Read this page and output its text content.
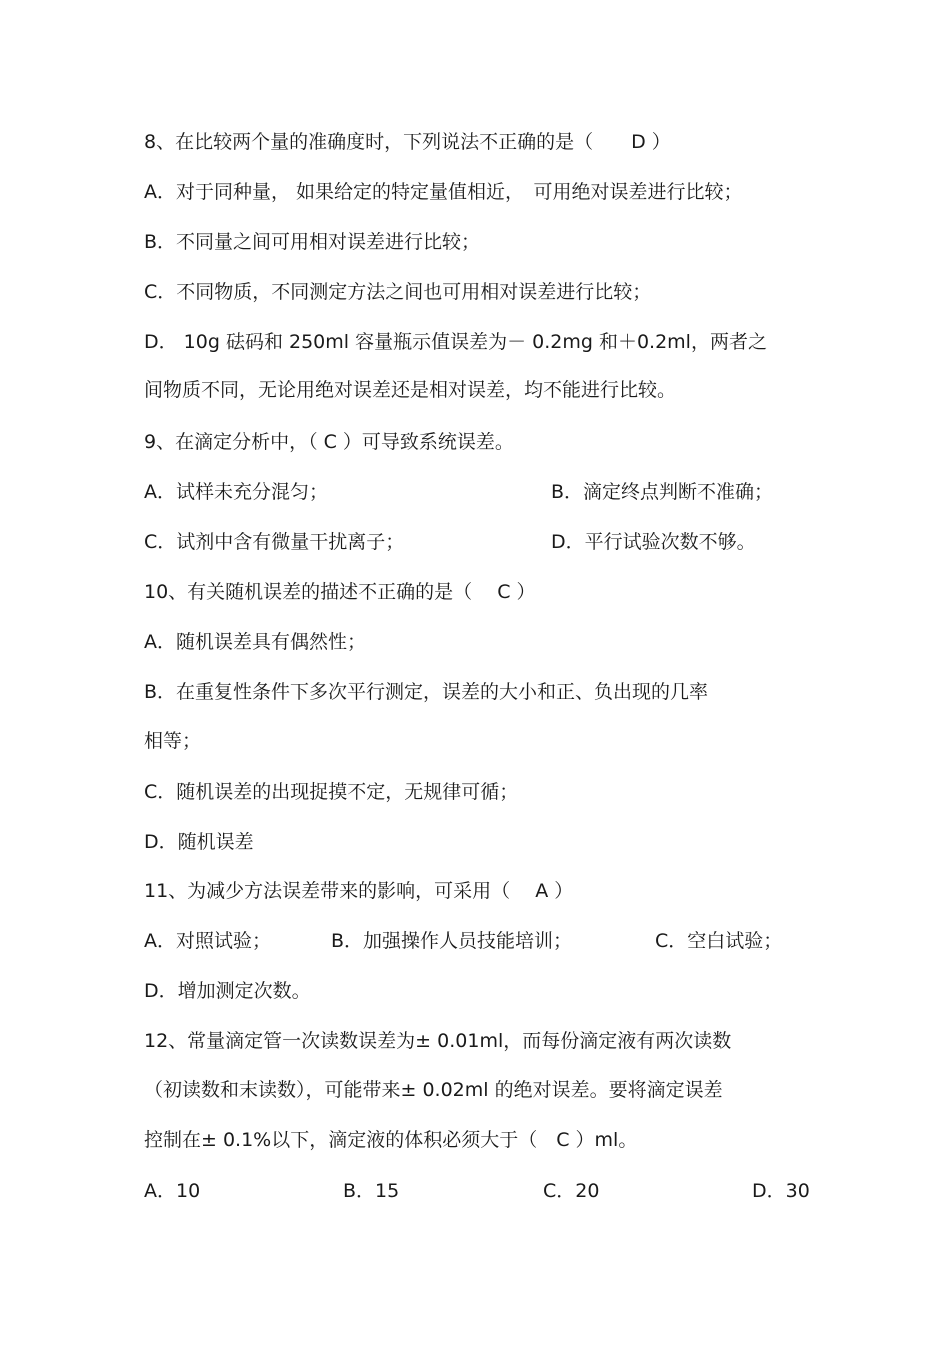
8、在比较两个量的准确度时，下列说法不正确的是（　　D ）
A．对于同种量， 如果给定的特定量值相近，　可用绝对误差进行比较；
B．不同量之间可用相对误差进行比较；
C．不同物质，不同测定方法之间也可用相对误差进行比较；
D． 10g 砝码和 250ml 容量瓶示值误差为－ 0.2mg 和＋0.2ml，两者之
间物质不同，无论用绝对误差还是相对误差，均不能进行比较。
9、在滴定分析中，（ C ）可导致系统误差。
A．试样未充分混匀；	B．滴定终点判断不准确；
C．试剂中含有微量干扰离子；	D．平行试验次数不够。
10、有关随机误差的描述不正确的是（　 C ）
A．随机误差具有偶然性；
B．在重复性条件下多次平行测定，误差的大小和正、负出现的几率
相等；
C．随机误差的出现捉摸不定，无规律可循；
D．随机误差
11、为减少方法误差带来的影响，可采用（　 A ）
A．对照试验；	B．加强操作人员技能培训；	C．空白试验；
D．增加测定次数。
12、常量滴定管一次读数误差为± 0.01ml，而每份滴定液有两次读数
（初读数和末读数），可能带来± 0.02ml 的绝对误差。要将滴定误差
控制在± 0.1%以下，滴定液的体积必须大于（　C ）ml。
A．10	B．15	C．20	D．30
